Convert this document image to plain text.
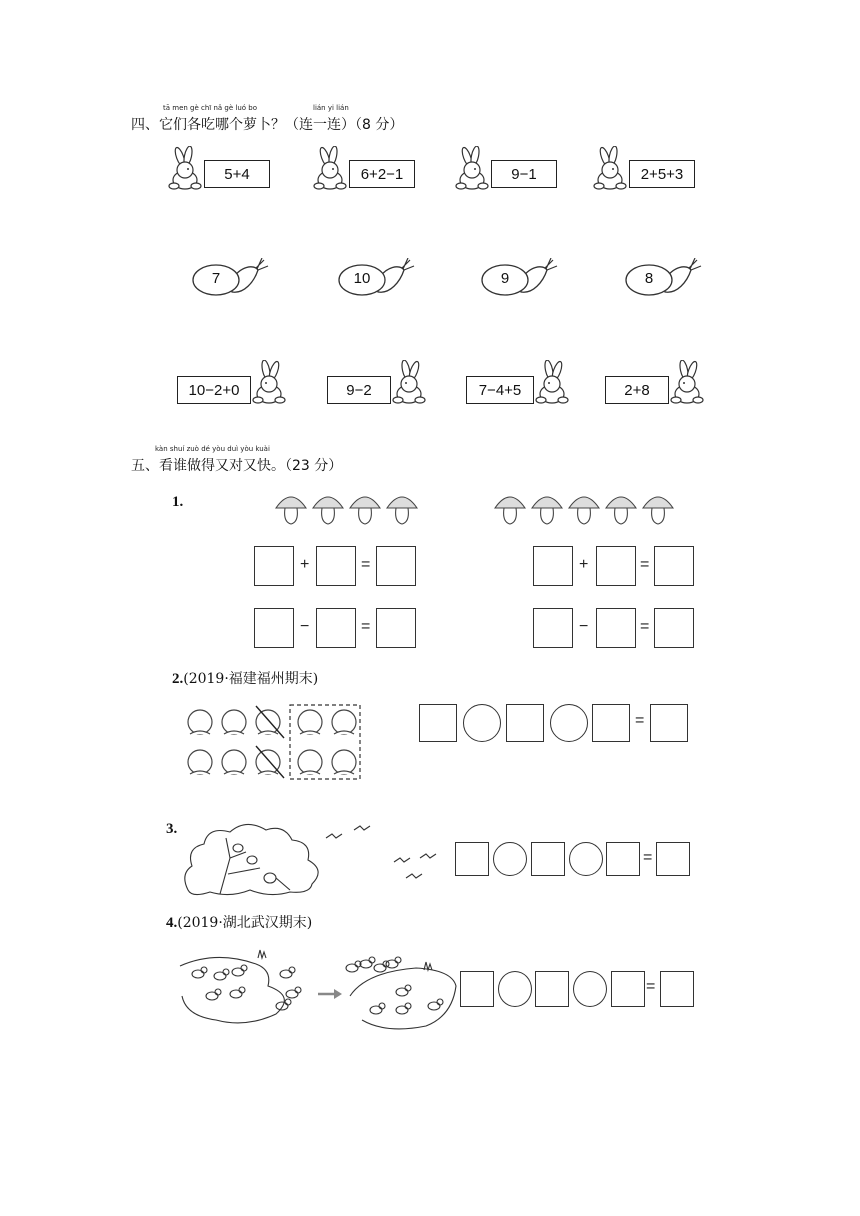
tā men gè chī nǎ gè luó bo	lián yi lián
四、它们各吃哪个萝卜？（连一连）（8 分）
5+4	6+2−1	9−1	2+5+3
7	10	9	8
10−2+0	9−2	7−4+5	2+8
kàn shuí zuò dé yòu duì yòu kuài
五、看谁做得又对又快。（23 分）
1.
+	=
−	=
+	=
−	=
2.(2019·福建福州期末)
=
3.
=
4.(2019·湖北武汉期末)
=
